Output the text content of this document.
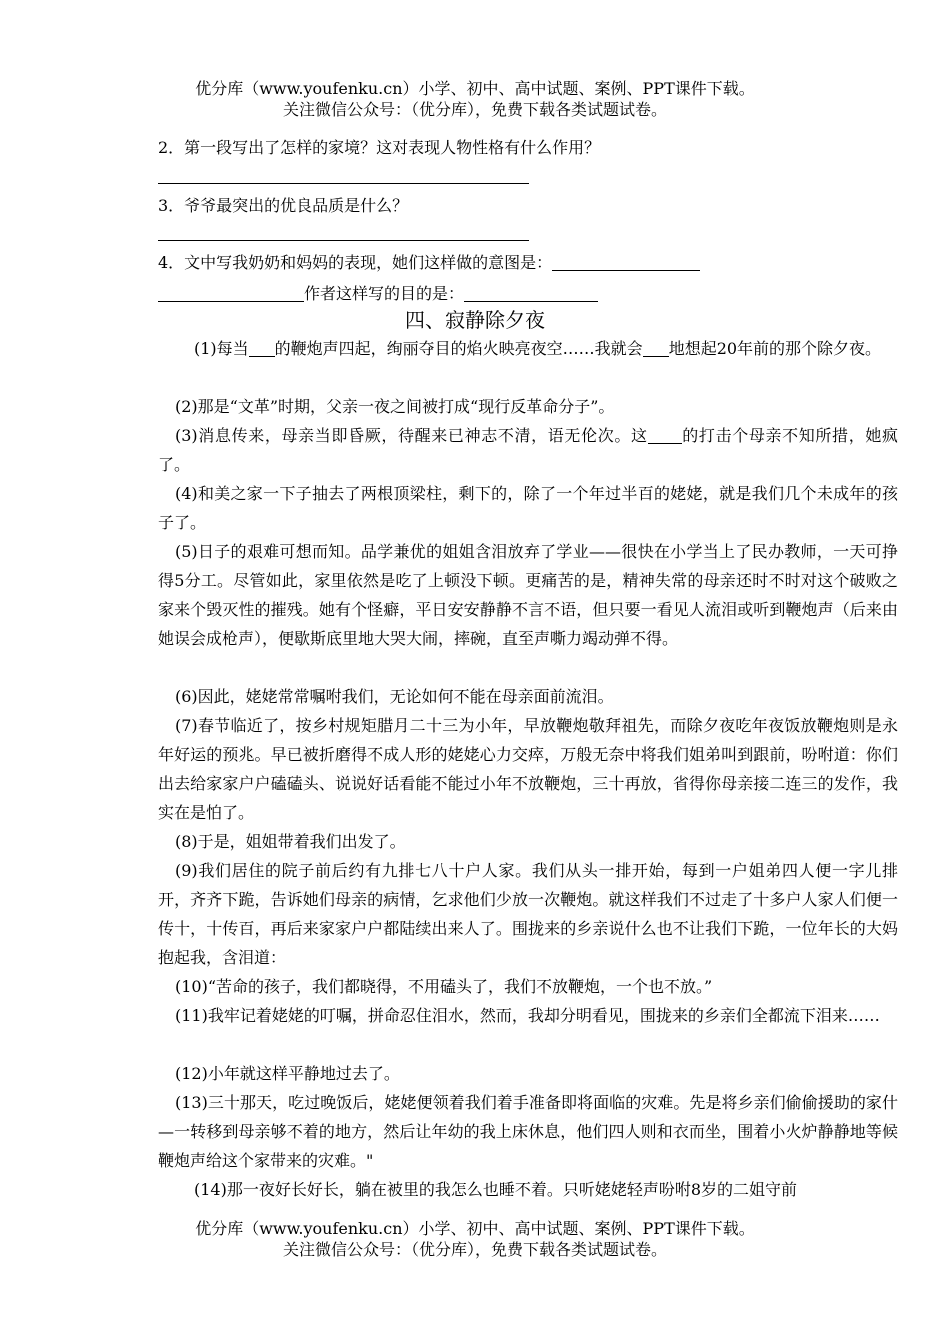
优分库（www.youfenku.cn）小学、初中、高中试题、案例、PPT课件下载。
关注微信公众号：（优分库），免费下载各类试题试卷。
2．第一段写出了怎样的家境？这对表现人物性格有什么作用？
3．爷爷最突出的优良品质是什么？
4．文中写我奶奶和妈妈的表现，她们这样做的意图是：
作者这样写的目的是：
四、寂静除夕夜
(1)每当 的鞭炮声四起，绚丽夺目的焰火映亮夜空……我就会 地想起20年前的那个除夕夜。
(2)那是“文革”时期，父亲一夜之间被打成“现行反革命分子”。
(3)消息传来，母亲当即昏厥，待醒来已神志不清，语无伦次。这 的打击个母亲不知所措，她疯了。
(4)和美之家一下子抽去了两根顶梁柱，剩下的，除了一个年过半百的姥姥，就是我们几个未成年的孩子了。
(5)日子的艰难可想而知。品学兼优的姐姐含泪放弃了学业——很快在小学当上了民办教师，一天可挣得5分工。尽管如此，家里依然是吃了上顿没下顿。更痛苦的是，精神失常的母亲还时不时对这个破败之家来个毁灭性的摧残。她有个怪癖，平日安安静静不言不语，但只要一看见人流泪或听到鞭炮声（后来由她误会成枪声），便歇斯底里地大哭大闹，摔碗，直至声嘶力竭动弹不得。
(6)因此，姥姥常常嘱咐我们，无论如何不能在母亲面前流泪。
(7)春节临近了，按乡村规矩腊月二十三为小年，早放鞭炮敬拜祖先，而除夕夜吃年夜饭放鞭炮则是永年好运的预兆。早已被折磨得不成人形的姥姥心力交瘁，万般无奈中将我们姐弟叫到跟前，吩咐道：你们出去给家家户户磕磕头、说说好话看能不能过小年不放鞭炮，三十再放，省得你母亲接二连三的发作，我实在是怕了。
(8)于是，姐姐带着我们出发了。
(9)我们居住的院子前后约有九排七八十户人家。我们从头一排开始，每到一户姐弟四人便一字儿排开，齐齐下跪，告诉她们母亲的病情，乞求他们少放一次鞭炮。就这样我们不过走了十多户人家人们便一传十，十传百，再后来家家户户都陆续出来人了。围拢来的乡亲说什么也不让我们下跪，一位年长的大妈抱起我，含泪道：
(10)“苦命的孩子，我们都晓得，不用磕头了，我们不放鞭炮，一个也不放。”
(11)我牢记着姥姥的叮嘱，拼命忍住泪水，然而，我却分明看见，围拢来的乡亲们全都流下泪来……
(12)小年就这样平静地过去了。
(13)三十那天，吃过晚饭后，姥姥便领着我们着手准备即将面临的灾难。先是将乡亲们偷偷援助的家什—一转移到母亲够不着的地方，然后让年幼的我上床休息，他们四人则和衣而坐，围着小火炉静静地等候鞭炮声给这个家带来的灾难。"
(14)那一夜好长好长，躺在被里的我怎么也睡不着。只听姥姥轻声吩咐8岁的二姐守前
优分库（www.youfenku.cn）小学、初中、高中试题、案例、PPT课件下载。
关注微信公众号：（优分库），免费下载各类试题试卷。
